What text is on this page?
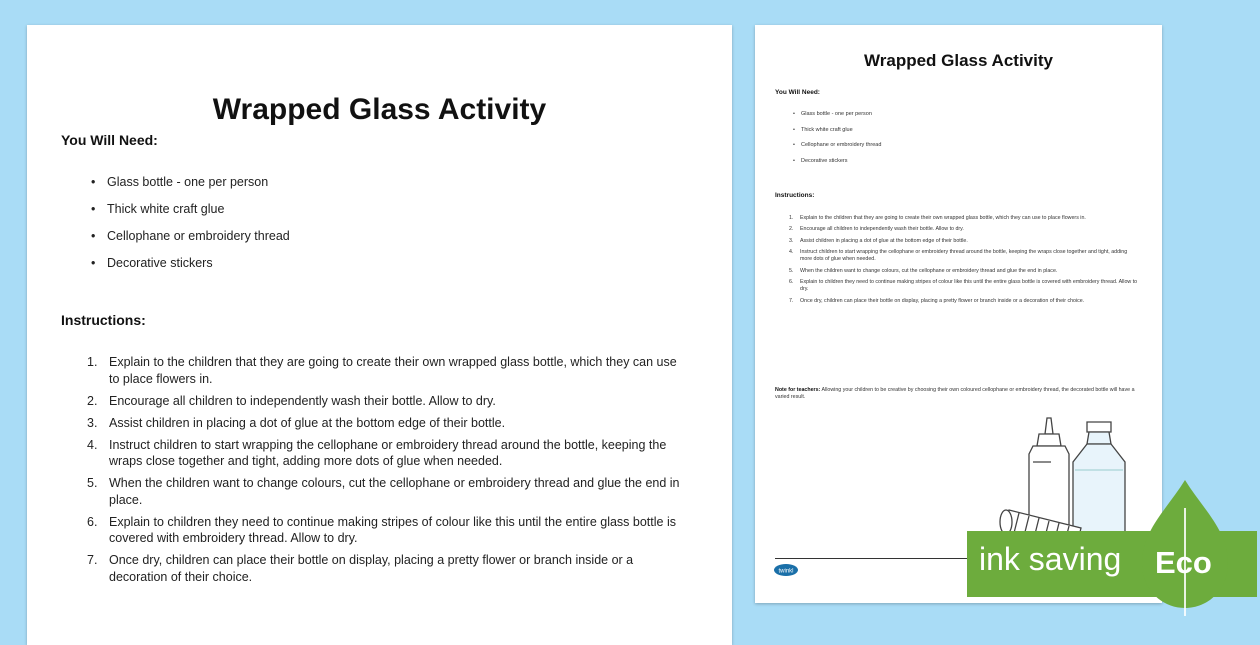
Wrapped Glass Activity
You Will Need:
• Glass bottle - one per person
• Thick white craft glue
• Cellophane or embroidery thread
• Decorative stickers
Instructions:
1. Explain to the children that they are going to create their own wrapped glass bottle, which they can use to place flowers in.
2. Encourage all children to independently wash their bottle. Allow to dry.
3. Assist children in placing a dot of glue at the bottom edge of their bottle.
4. Instruct children to start wrapping the cellophane or embroidery thread around the bottle, keeping the wraps close together and tight, adding more dots of glue when needed.
5. When the children want to change colours, cut the cellophane or embroidery thread and glue the end in place.
6. Explain to children they need to continue making stripes of colour like this until the entire glass bottle is covered with embroidery thread. Allow to dry.
7. Once dry, children can place their bottle on display, placing a pretty flower or branch inside or a decoration of their choice.
Wrapped Glass Activity
You Will Need:
• Glass bottle - one per person
• Thick white craft glue
• Cellophane or embroidery thread
• Decorative stickers
Instructions:
1. Explain to the children that they are going to create their own wrapped glass bottle, which they can use to place flowers in.
2. Encourage all children to independently wash their bottle. Allow to dry.
3. Assist children in placing a dot of glue at the bottom edge of their bottle.
4. Instruct children to start wrapping the cellophane or embroidery thread around the bottle, keeping the wraps close together and tight, adding more dots of glue when needed.
5. When the children want to change colours, cut the cellophane or embroidery thread and glue the end in place.
6. Explain to children they need to continue making stripes of colour like this until the entire glass bottle is covered with embroidery thread. Allow to dry.
7. Once dry, children can place their bottle on display, placing a pretty flower or branch inside or a decoration of their choice.
Note for teachers: Allowing your children to be creative by choosing their own coloured cellophane or embroidery thread, the decorated bottle will have a varied result.
twinkl	ink saving Eco
